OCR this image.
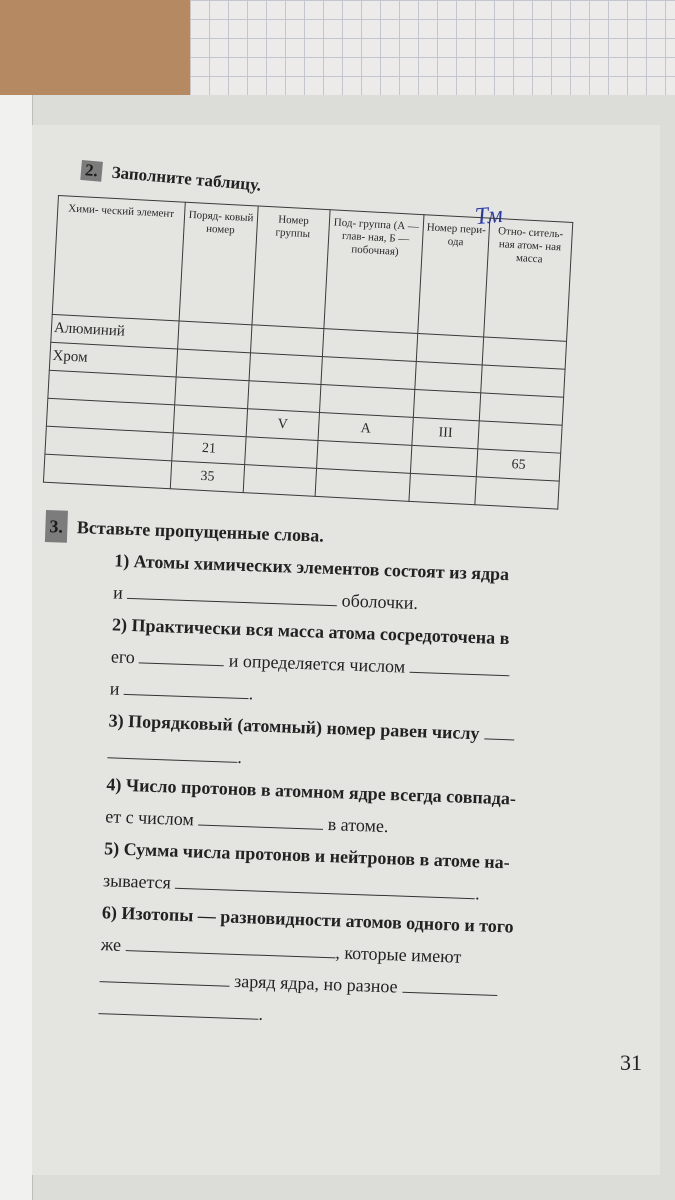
2. Заполните таблицу.
Тм
Хими- ческий элемент	Поряд- ковый номер	Номер группы	Под- группа (А — глав- ная, Б — побочная)	Номер пери- ода	Отно- ситель- ная атом- ная масса
Алюминий					
Хром					

		V	А	III	
	21				65
	35				
3. Вставьте пропущенные слова.
1) Атомы химических элементов состоят из ядра
и	оболочки.
2) Практически вся масса атома сосредоточена в
его	и определяется числом
и	.
3) Порядковый (атомный) номер равен числу
.
4) Число протонов в атомном ядре всегда совпада-
ет с числом	в атоме.
5) Сумма числа протонов и нейтронов в атоме на-
зывается .
6) Изотопы — разновидности атомов одного и того
же	, которые имеют
заряд ядра, но разное
.
31
